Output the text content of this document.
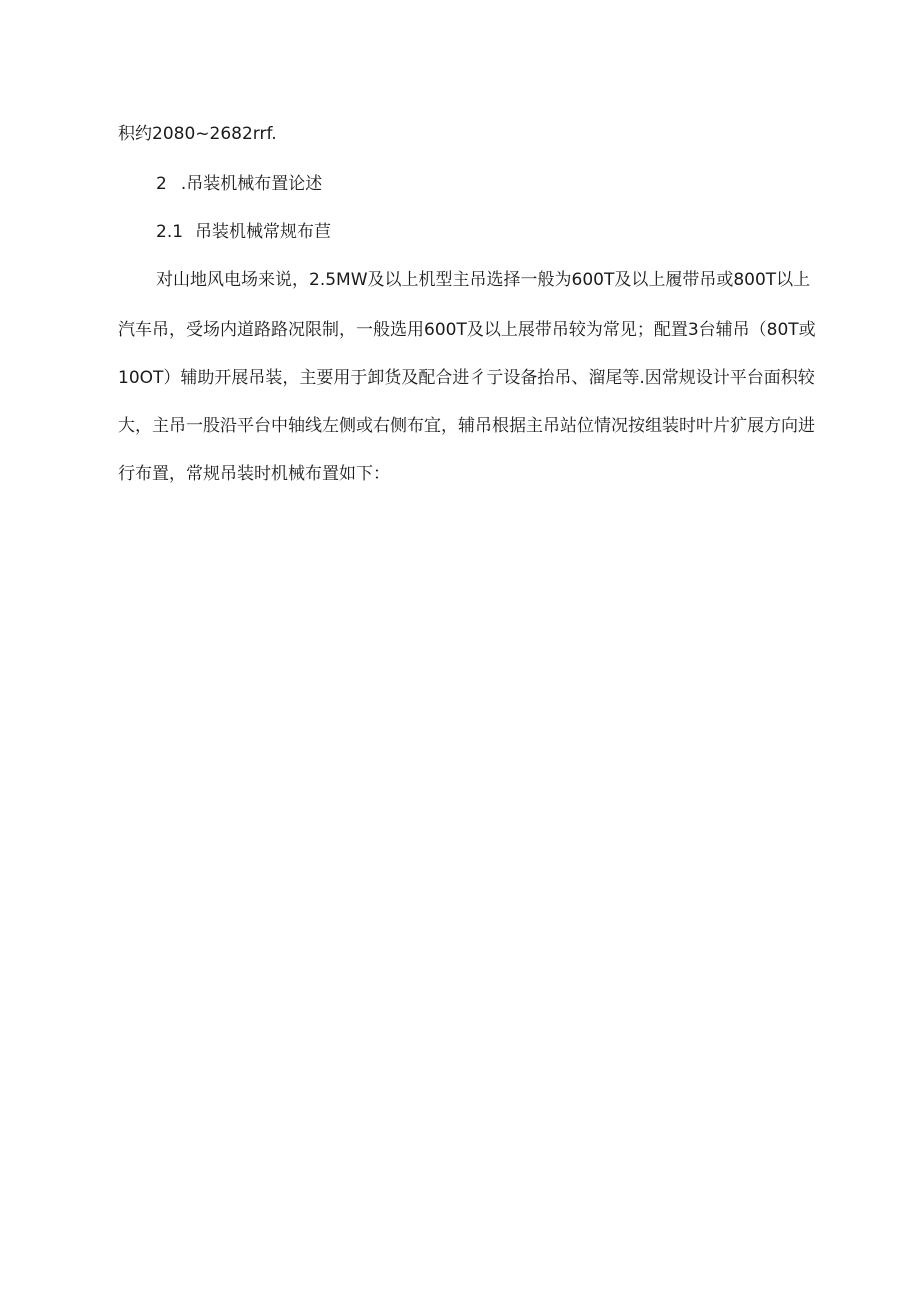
积约2080~2682rrf.
2 .吊装机械布置论述
2.1 吊装机械常规布苣
对山地风电场来说，2.5MW及以上机型主吊选择一般为600T及以上履带吊或800T以上
汽车吊，受场内道路路况限制，一般选用600T及以上展带吊较为常见；配置3台辅吊（80T或
10OT）辅助开展吊装，主要用于卸货及配合进彳亍设备抬吊、溜尾等.因常规设计平台面积较
大，主吊一股沿平台中轴线左侧或右侧布宜，辅吊根据主吊站位情况按组装时叶片犷展方向进
行布置，常规吊装时机械布置如下：
